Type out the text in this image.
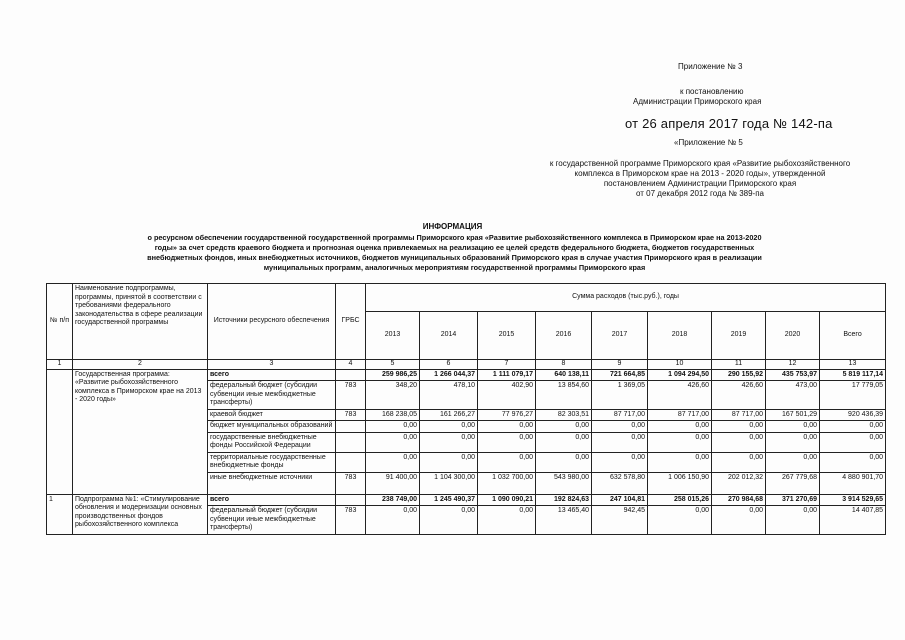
Приложение № 3
к постановлению
Администрации Приморского края
от 26 апреля 2017 года № 142-па
«Приложение № 5
к государственной программе Приморского края «Развитие рыбохозяйственного
комплекса в Приморском крае на 2013 - 2020 годы», утвержденной
постановлением Администрации Приморского края
от 07 декабря 2012 года № 389-па
ИНФОРМАЦИЯ
о ресурсном обеспечении государственной государственной программы Приморского края «Развитие рыбохозяйственного комплекса в Приморском крае на 2013-2020
годы» за счет средств краевого бюджета и прогнозная оценка привлекаемых на реализацию ее целей средств федерального бюджета, бюджетов государственных
внебюджетных фондов, иных внебюджетных источников, бюджетов муниципальных образований Приморского края в случае участия Приморского края в реализации
муниципальных программ, аналогичных мероприятиям государственной программы Приморского края
№ п/п	Наименование подпрограммы, программы, принятой в соответствии с требованиями федерального законодательства в сфере реализации государственной программы	Источники ресурсного обеспечения	ГРБС	Сумма расходов (тыс.руб.), годы								
				2013	2014	2015	2016	2017	2018	2019	2020	Всего
1	2	3	4	5	6	7	8	9	10	11	12	13
	Государственная программа: «Развитие рыбохозяйственного комплекса в Приморском крае на 2013 - 2020 годы»	всего		259 986,25	1 266 044,37	1 111 079,17	640 138,11	721 664,85	1 094 294,50	290 155,92	435 753,97	5 819 117,14
		федеральный бюджет (субсидии субвенции иные межбюджетные трансферты)	783	348,20	478,10	402,90	13 854,60	1 369,05	426,60	426,60	473,00	17 779,05
		краевой бюджет	783	168 238,05	161 266,27	77 976,27	82 303,51	87 717,00	87 717,00	87 717,00	167 501,29	920 436,39
		бюджет муниципальных образований		0,00	0,00	0,00	0,00	0,00	0,00	0,00	0,00	0,00
		государственные внебюджетные фонды Российской Федерации		0,00	0,00	0,00	0,00	0,00	0,00	0,00	0,00	0,00
		территориальные государственные внебюджетные фонды		0,00	0,00	0,00	0,00	0,00	0,00	0,00	0,00	0,00
		иные внебюджетные источники	783	91 400,00	1 104 300,00	1 032 700,00	543 980,00	632 578,80	1 006 150,90	202 012,32	267 779,68	4 880 901,70
1	Подпрограмма №1: «Стимулирование обновления и модернизации основных производственных фондов рыбохозяйственного комплекса	всего		238 749,00	1 245 490,37	1 090 090,21	192 824,63	247 104,81	258 015,26	270 984,68	371 270,69	3 914 529,65
		федеральный бюджет (субсидии субвенции иные межбюджетные трансферты)	783	0,00	0,00	0,00	13 465,40	942,45	0,00	0,00	0,00	14 407,85
